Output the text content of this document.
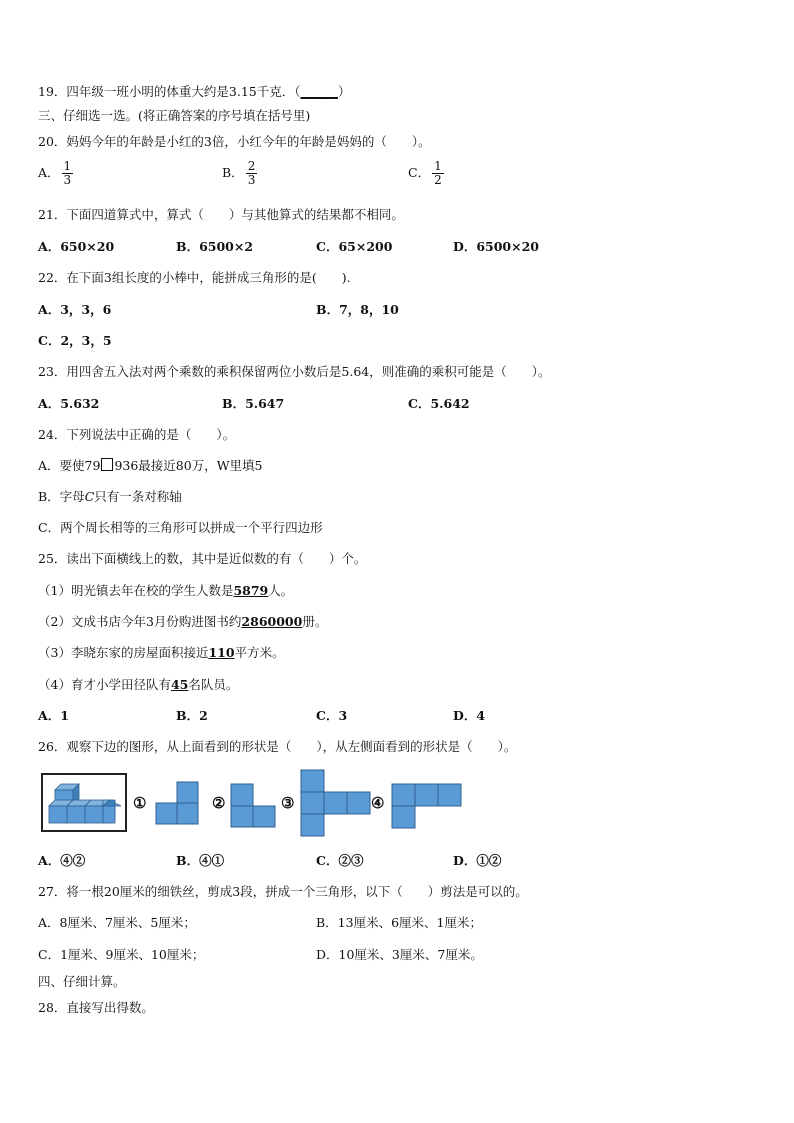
19．四年级一班小明的体重大约是3.15千克．（______）
三、仔细选一选。(将正确答案的序号填在括号里)
20．妈妈今年的年龄是小红的3倍，小红今年的年龄是妈妈的（　　）。
A． $\frac{1}{3}$	B． $\frac{2}{3}$	C． $\frac{1}{2}$
21．下面四道算式中，算式（　　）与其他算式的结果都不相同。
A．650×20	B．6500×2	C．65×200	D．6500×20
22．在下面3组长度的小棒中，能拼成三角形的是(　　).
A．3，3，6	B．7，8，10
C．2，3，5
23．用四舍五入法对两个乘数的乘积保留两位小数后是5.64，则准确的乘积可能是（　　）。
A．5.632	B．5.647	C．5.642
24．下列说法中正确的是（　　）。
A．要使79 936最接近80万，W里填5
B．字母C只有一条对称轴
C．两个周长相等的三角形可以拼成一个平行四边形
25．读出下面横线上的数，其中是近似数的有（　　）个。
（1）明光镇去年在校的学生人数是5879人。
（2）文成书店今年3月份购进图书约2860000册。
（3）李晓东家的房屋面积接近110平方米。
（4）育才小学田径队有45名队员。
A．1	B．2	C．3	D．4
26．观察下边的图形，从上面看到的形状是（　　），从左侧面看到的形状是（　　）。
①	②	③	④
A．④②	B．④①	C．②③	D．①②
27．将一根20厘米的细铁丝，剪成3段，拼成一个三角形，以下（　　）剪法是可以的。
A．8厘米、7厘米、5厘米；	B．13厘米、6厘米、1厘米；
C．1厘米、9厘米、10厘米；	D．10厘米、3厘米、7厘米。
四、仔细计算。
28．直接写出得数。
